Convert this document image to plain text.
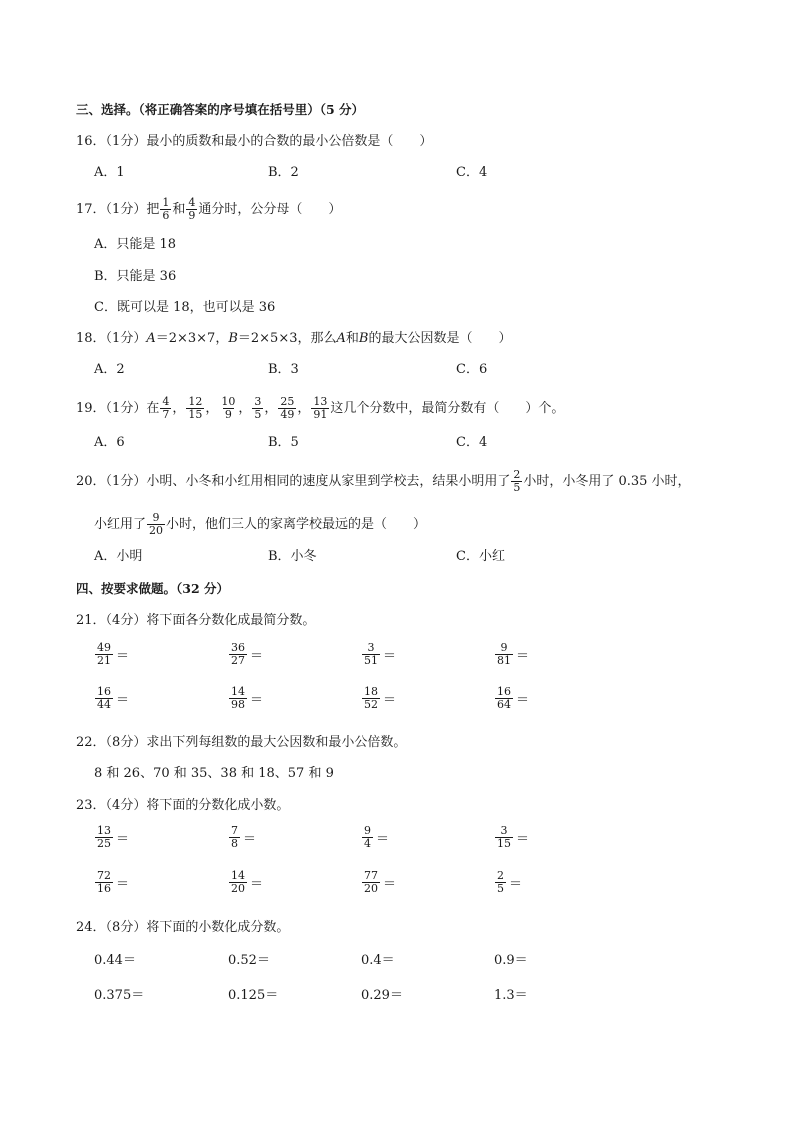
三、选择。（将正确答案的序号填在括号里）（5 分）
16．（1分）最小的质数和最小的合数的最小公倍数是（　　）
A．1	B．2	C．4
17．（1分）把 $\frac{1}{6}$ 和 $\frac{4}{9}$ 通分时，公分母（　　）
A．只能是 18
B．只能是 36
C．既可以是 18，也可以是 36
18．（1分）A＝2×3×7，B＝2×5×3，那么A和B的最大公因数是（　　）
A．2	B．3	C．6
19．（1分）在 $\frac{4}{7}$ ， $\frac{12}{15}$ ， $\frac{10}{9}$ ， $\frac{3}{5}$ ， $\frac{25}{49}$ ， $\frac{13}{91}$ 这几个分数中，最简分数有（　　）个。
A．6	B．5	C．4
20．（1分）小明、小冬和小红用相同的速度从家里到学校去，结果小明用了 $\frac{2}{5}$ 小时，小冬用了 0.35 小时，
小红用了 $\frac{9}{20}$ 小时，他们三人的家离学校最远的是（　　）
A．小明	B．小冬	C．小红
四、按要求做题。（32 分）
21．（4分）将下面各分数化成最简分数。
$\frac{49}{21}$ ＝	$\frac{36}{27}$ ＝	$\frac{3}{51}$ ＝	$\frac{9}{81}$ ＝
$\frac{16}{44}$ ＝	$\frac{14}{98}$ ＝	$\frac{18}{52}$ ＝	$\frac{16}{64}$ ＝
22．（8分）求出下列每组数的最大公因数和最小公倍数。
8 和 26、70 和 35、38 和 18、57 和 9
23．（4分）将下面的分数化成小数。
$\frac{13}{25}$ ＝	$\frac{7}{8}$ ＝	$\frac{9}{4}$ ＝	$\frac{3}{15}$ ＝
$\frac{72}{16}$ ＝	$\frac{14}{20}$ ＝	$\frac{77}{20}$ ＝	$\frac{2}{5}$ ＝
24．（8分）将下面的小数化成分数。
0.44＝	0.52＝	0.4＝	0.9＝
0.375＝	0.125＝	0.29＝	1.3＝
